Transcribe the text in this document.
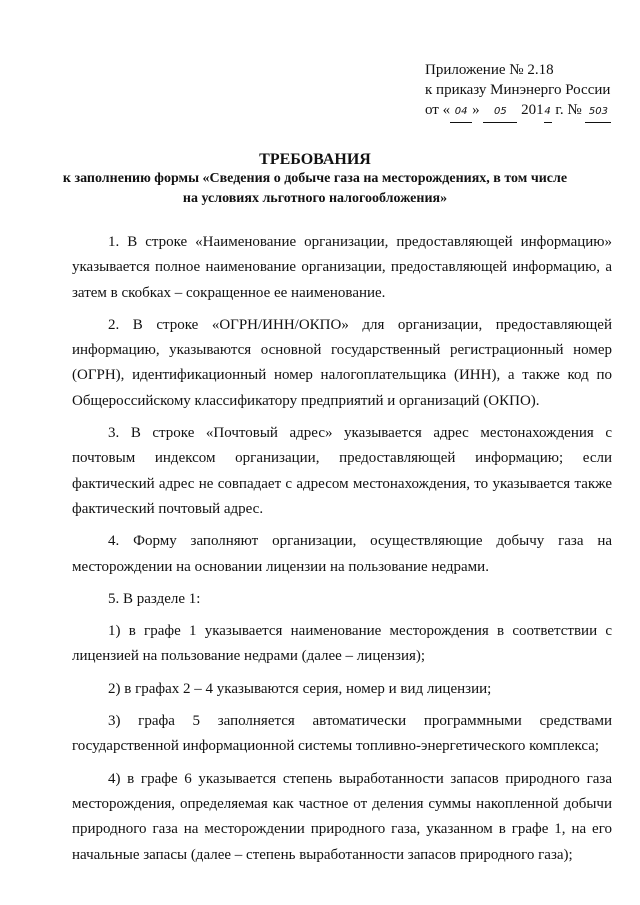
Приложение № 2.18
к приказу Минэнерго России
от « 04 » 05 2014 г. № 503
ТРЕБОВАНИЯ
к заполнению формы «Сведения о добыче газа на месторождениях, в том числе на условиях льготного налогообложения»

1. В строке «Наименование организации, предоставляющей информацию» указывается полное наименование организации, предоставляющей информацию, а затем в скобках – сокращенное ее наименование.

2. В строке «ОГРН/ИНН/ОКПО» для организации, предоставляющей информацию, указываются основной государственный регистрационный номер (ОГРН), идентификационный номер налогоплательщика (ИНН), а также код по Общероссийскому классификатору предприятий и организаций (ОКПО).

3. В строке «Почтовый адрес» указывается адрес местонахождения с почтовым индексом организации, предоставляющей информацию; если фактический адрес не совпадает с адресом местонахождения, то указывается также фактический почтовый адрес.

4. Форму заполняют организации, осуществляющие добычу газа на месторождении на основании лицензии на пользование недрами.

5. В разделе 1:

1) в графе 1 указывается наименование месторождения в соответствии с лицензией на пользование недрами (далее – лицензия);

2) в графах 2 – 4 указываются серия, номер и вид лицензии;

3) графа 5 заполняется автоматически программными средствами государственной информационной системы топливно-энергетического комплекса;

4) в графе 6 указывается степень выработанности запасов природного газа месторождения, определяемая как частное от деления суммы накопленной добычи природного газа на месторождении природного газа, указанном в графе 1, на его начальные запасы (далее – степень выработанности запасов природного газа);
